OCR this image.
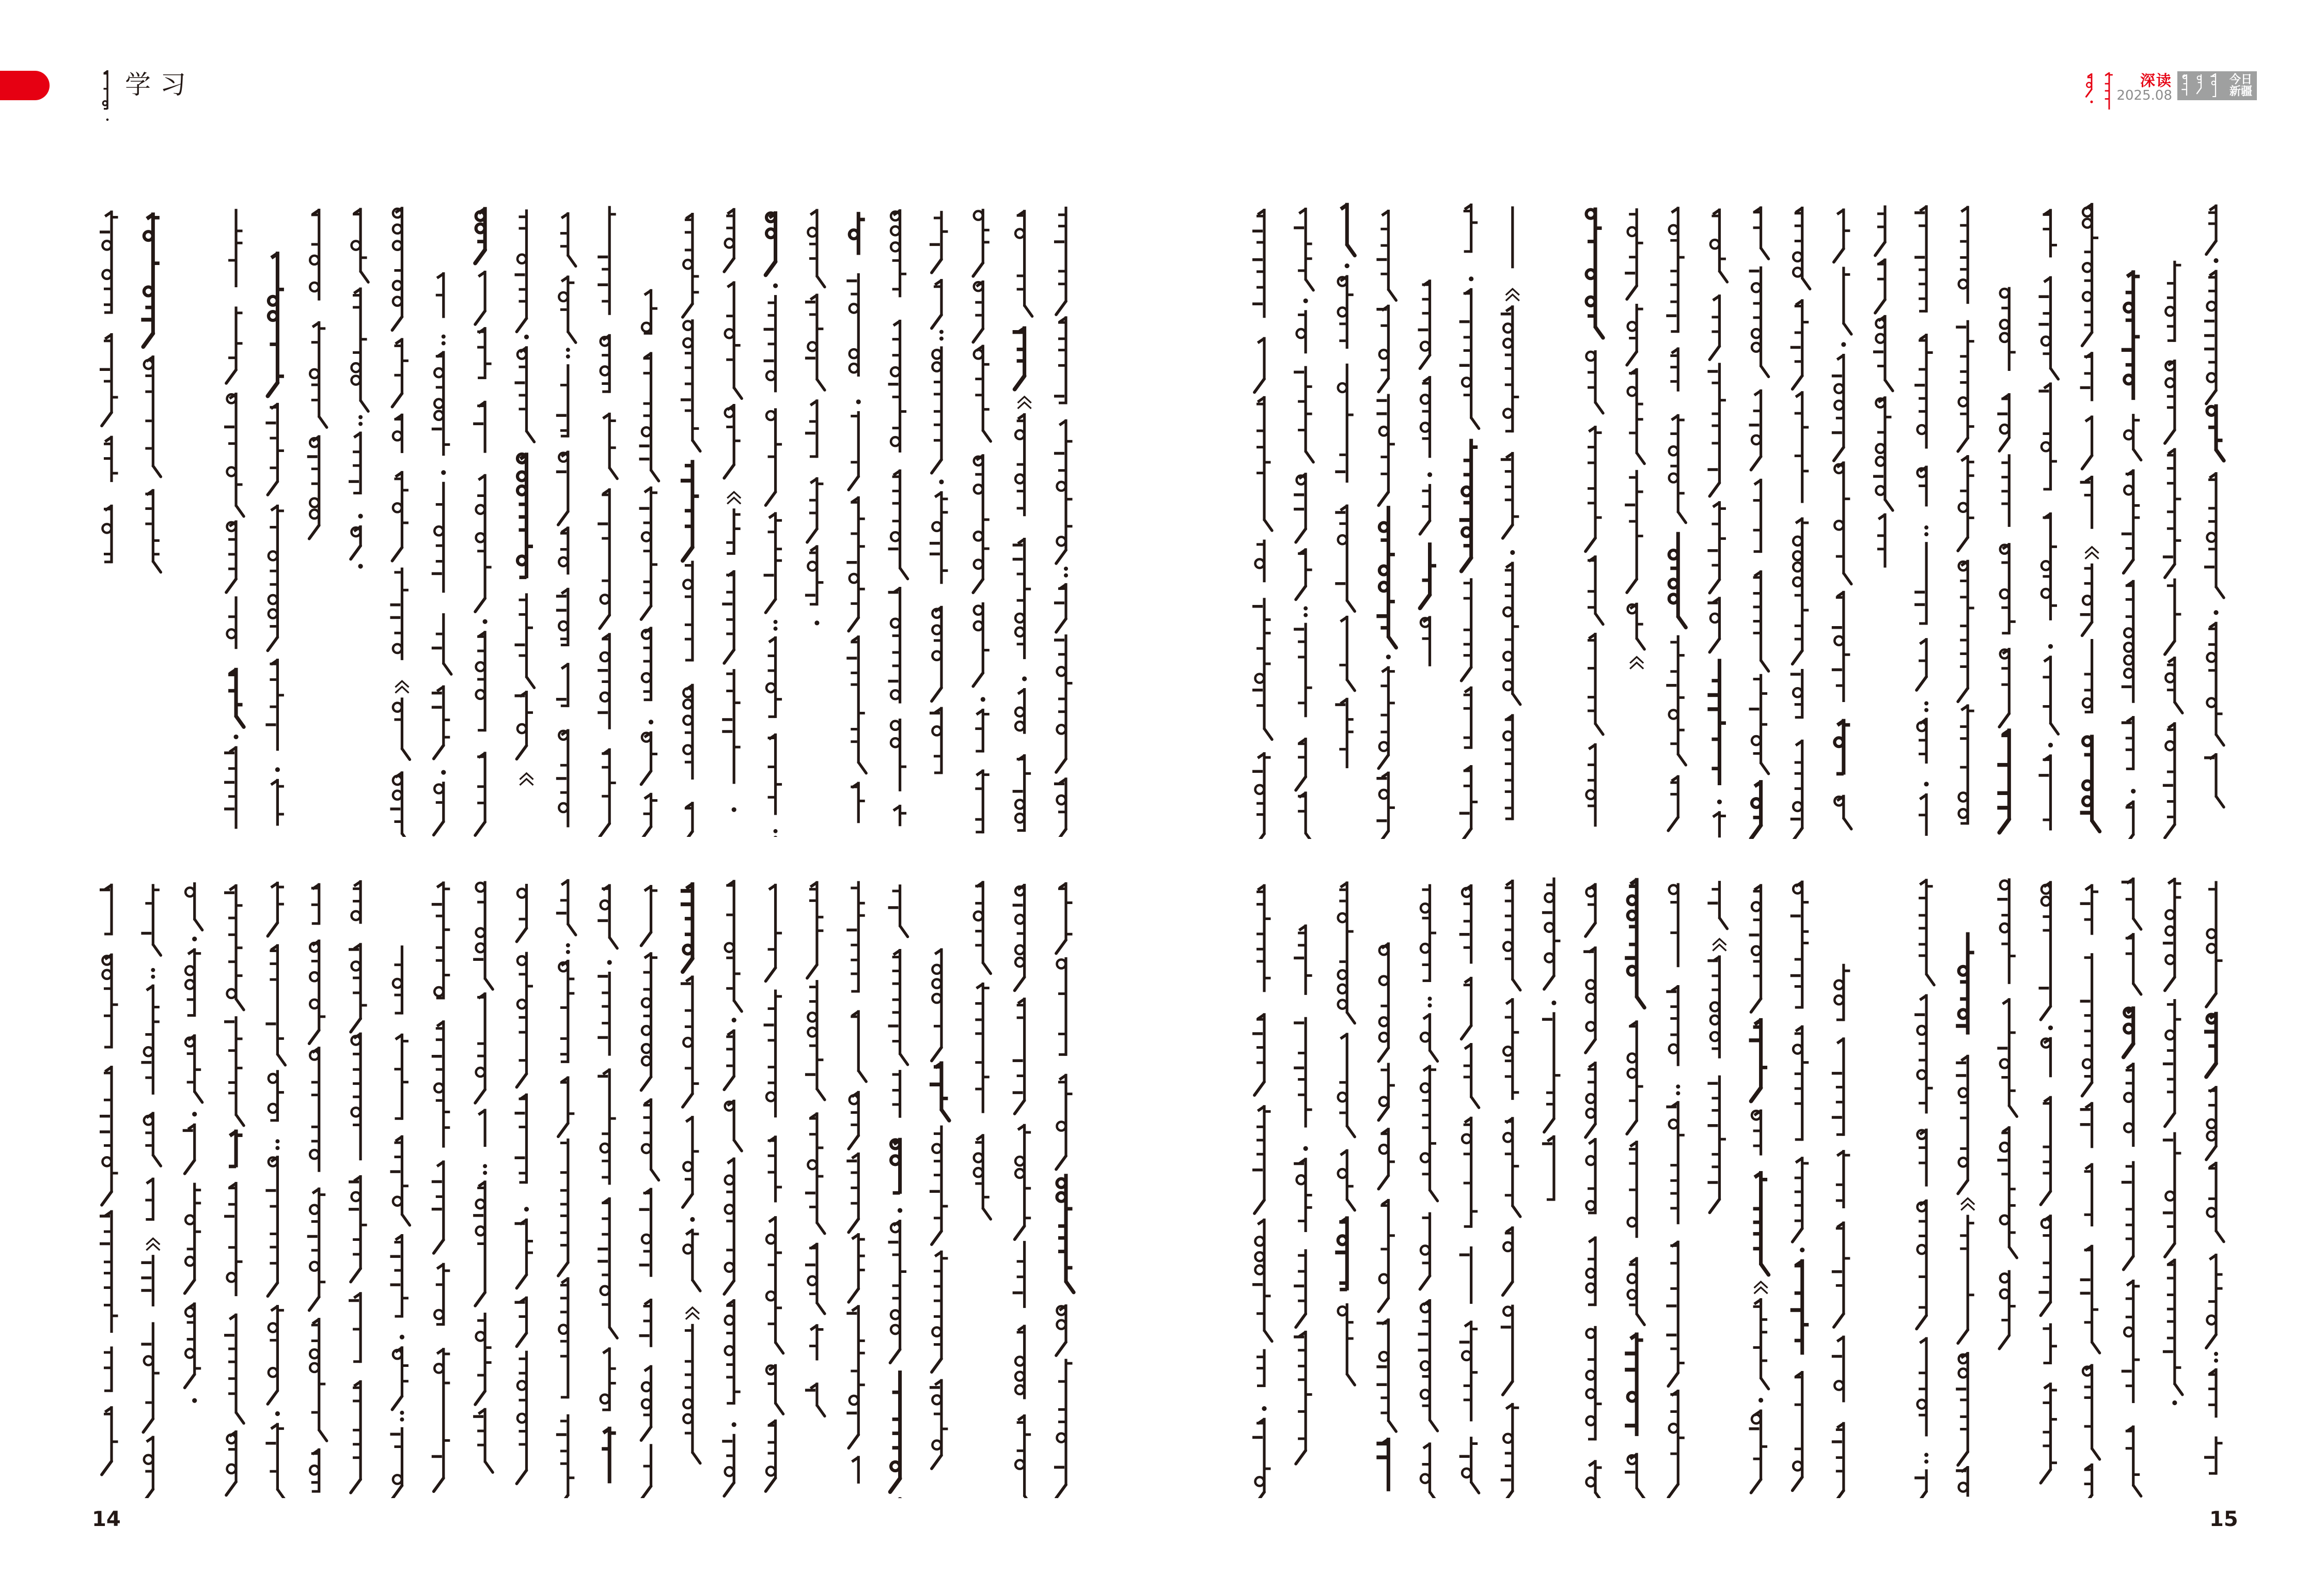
学习	深读
2025.08
今日
新疆
14	15
